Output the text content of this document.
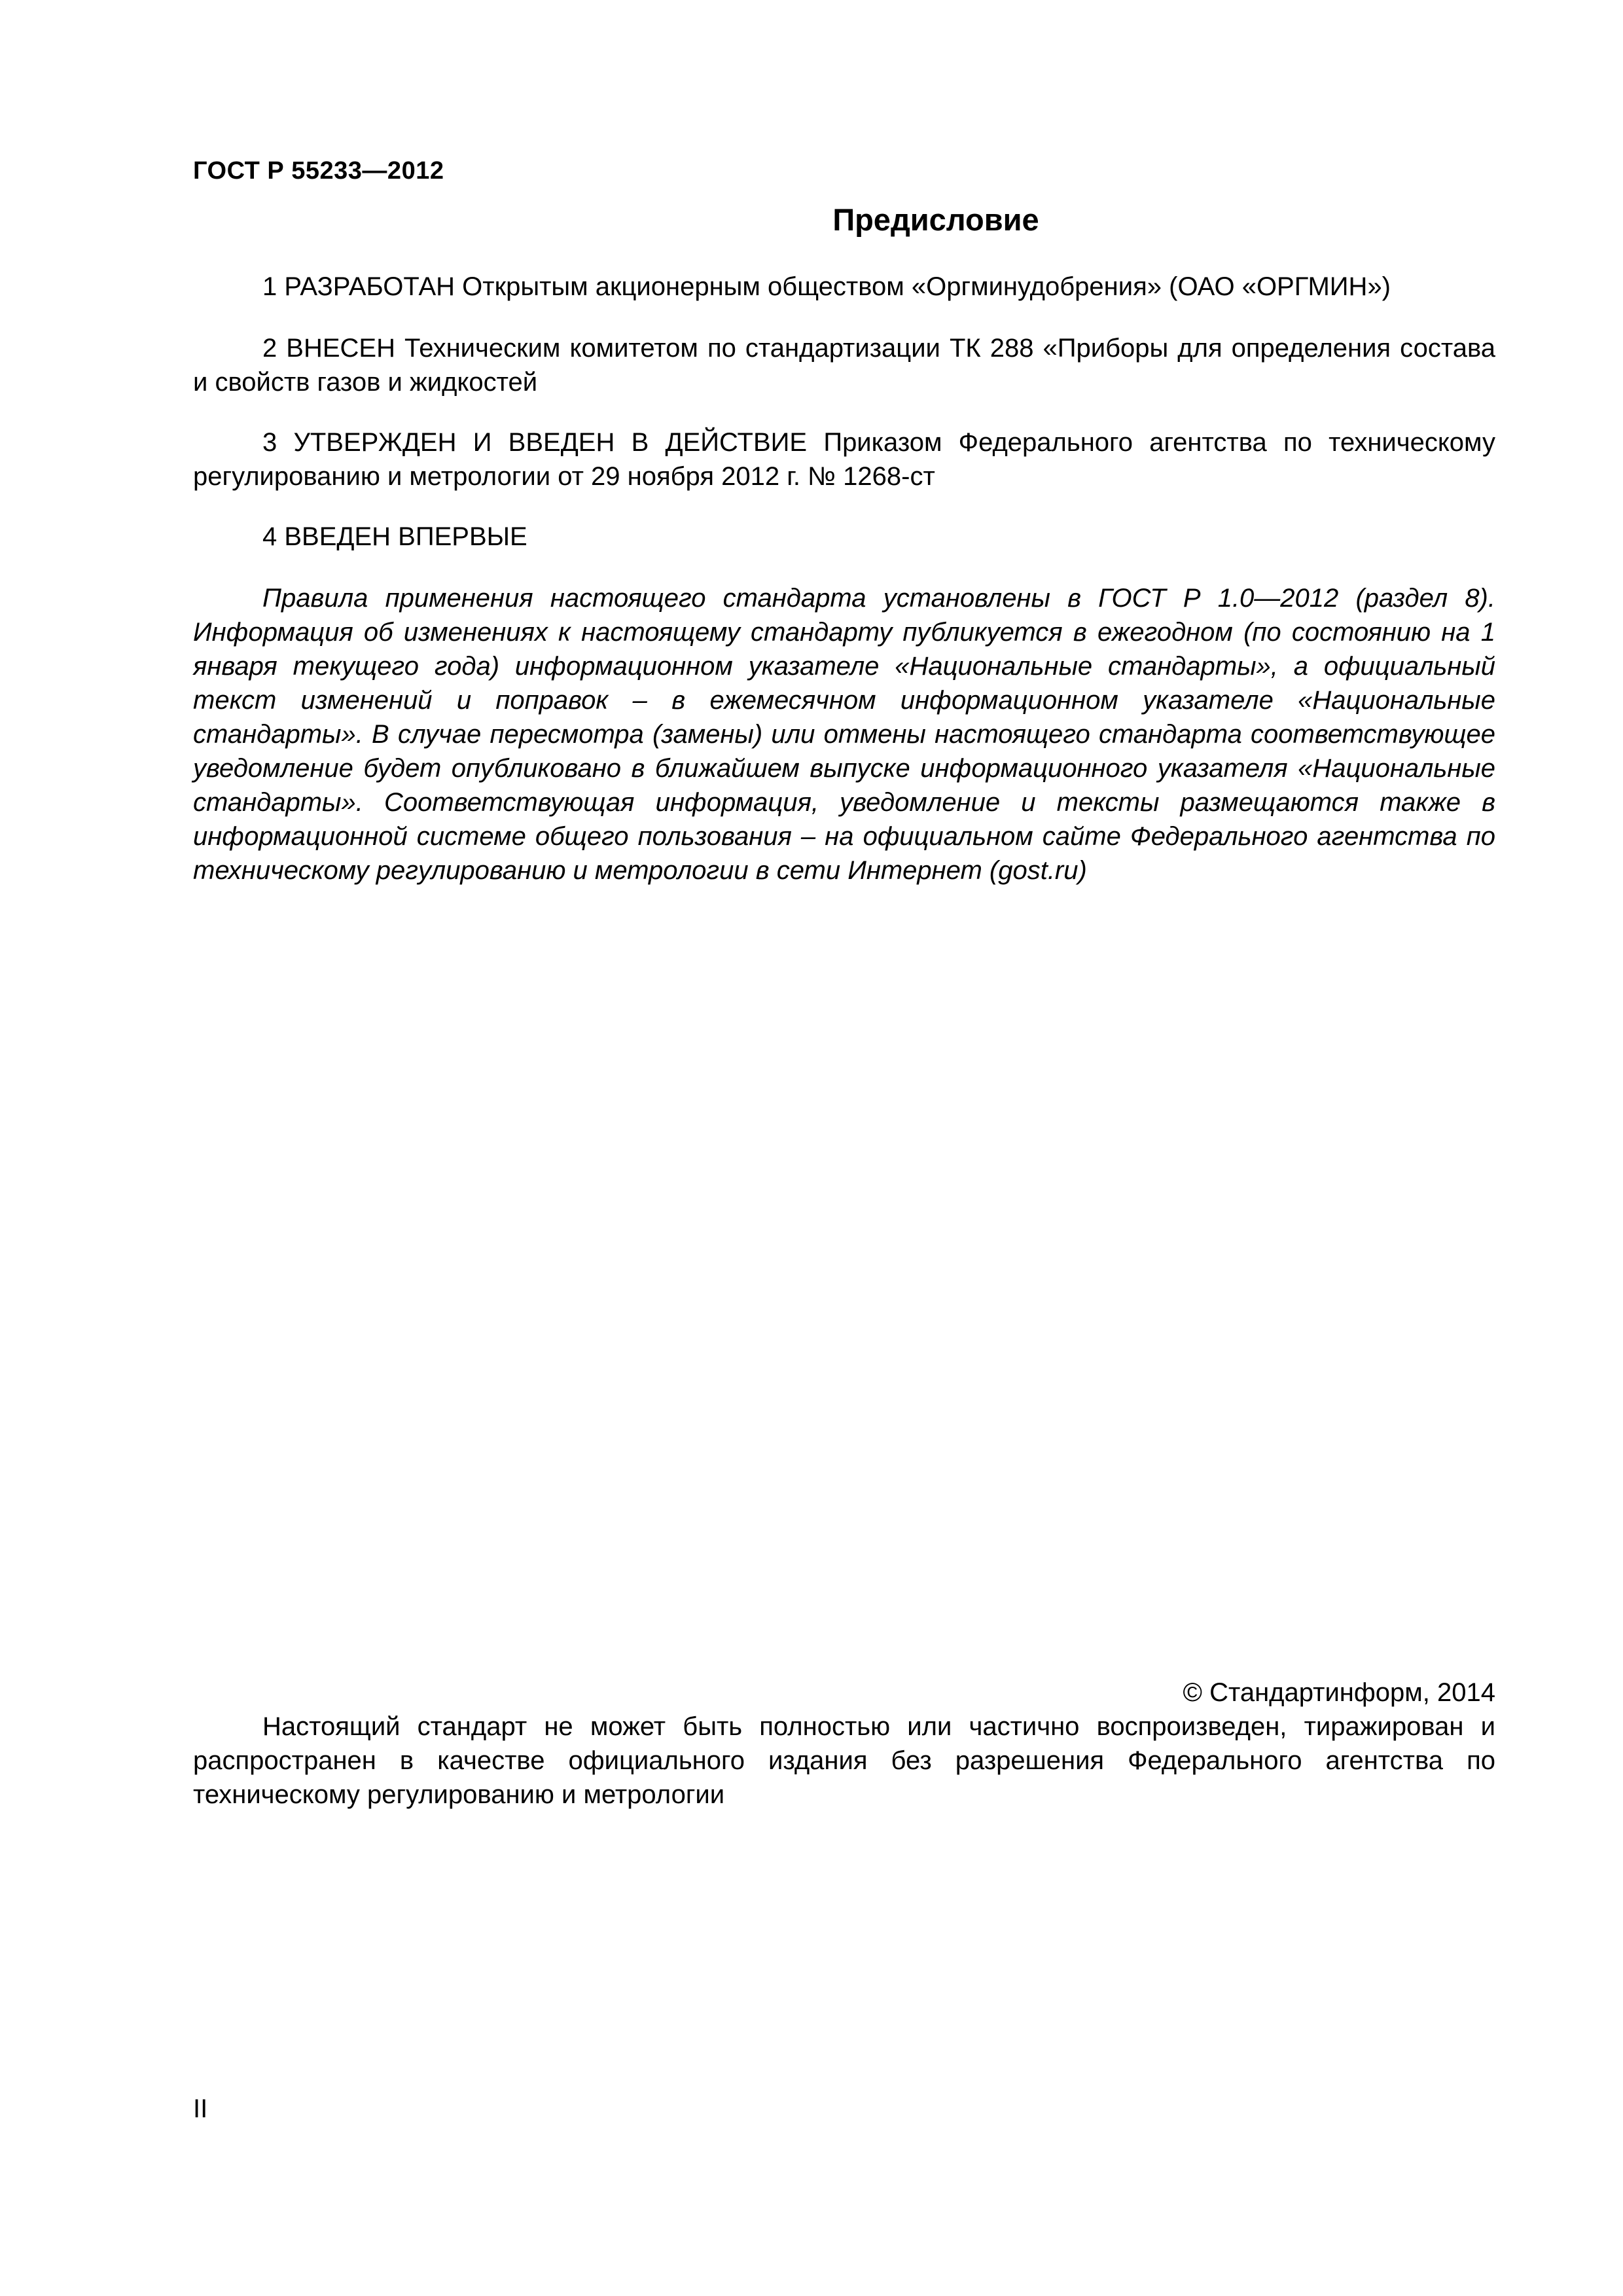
ГОСТ Р 55233—2012
Предисловие

1 РАЗРАБОТАН Открытым акционерным обществом «Оргминудобрения» (ОАО «ОРГМИН»)

2 ВНЕСЕН Техническим комитетом по стандартизации ТК 288 «Приборы для определения состава и свойств газов и жидкостей

3 УТВЕРЖДЕН И ВВЕДЕН В ДЕЙСТВИЕ Приказом Федерального агентства по техническому регулированию и метрологии от 29 ноября 2012 г. № 1268-ст

4 ВВЕДЕН ВПЕРВЫЕ

Правила применения настоящего стандарта установлены в ГОСТ Р 1.0—2012 (раздел 8). Информация об изменениях к настоящему стандарту публикуется в ежегодном (по состоянию на 1 января текущего года) информационном указателе «Национальные стандарты», а официальный текст изменений и поправок – в ежемесячном информационном указателе «Национальные стандарты». В случае пересмотра (замены) или отмены настоящего стандарта соответствующее уведомление будет опубликовано в ближайшем выпуске информационного указателя «Национальные стандарты». Соответствующая информация, уведомление и тексты размещаются также в информационной системе общего пользования – на официальном сайте Федерального агентства по техническому регулированию и метрологии в сети Интернет (gost.ru)

© Стандартинформ, 2014

Настоящий стандарт не может быть полностью или частично воспроизведен, тиражирован и распространен в качестве официального издания без разрешения Федерального агентства по техническому регулированию и метрологии

II
